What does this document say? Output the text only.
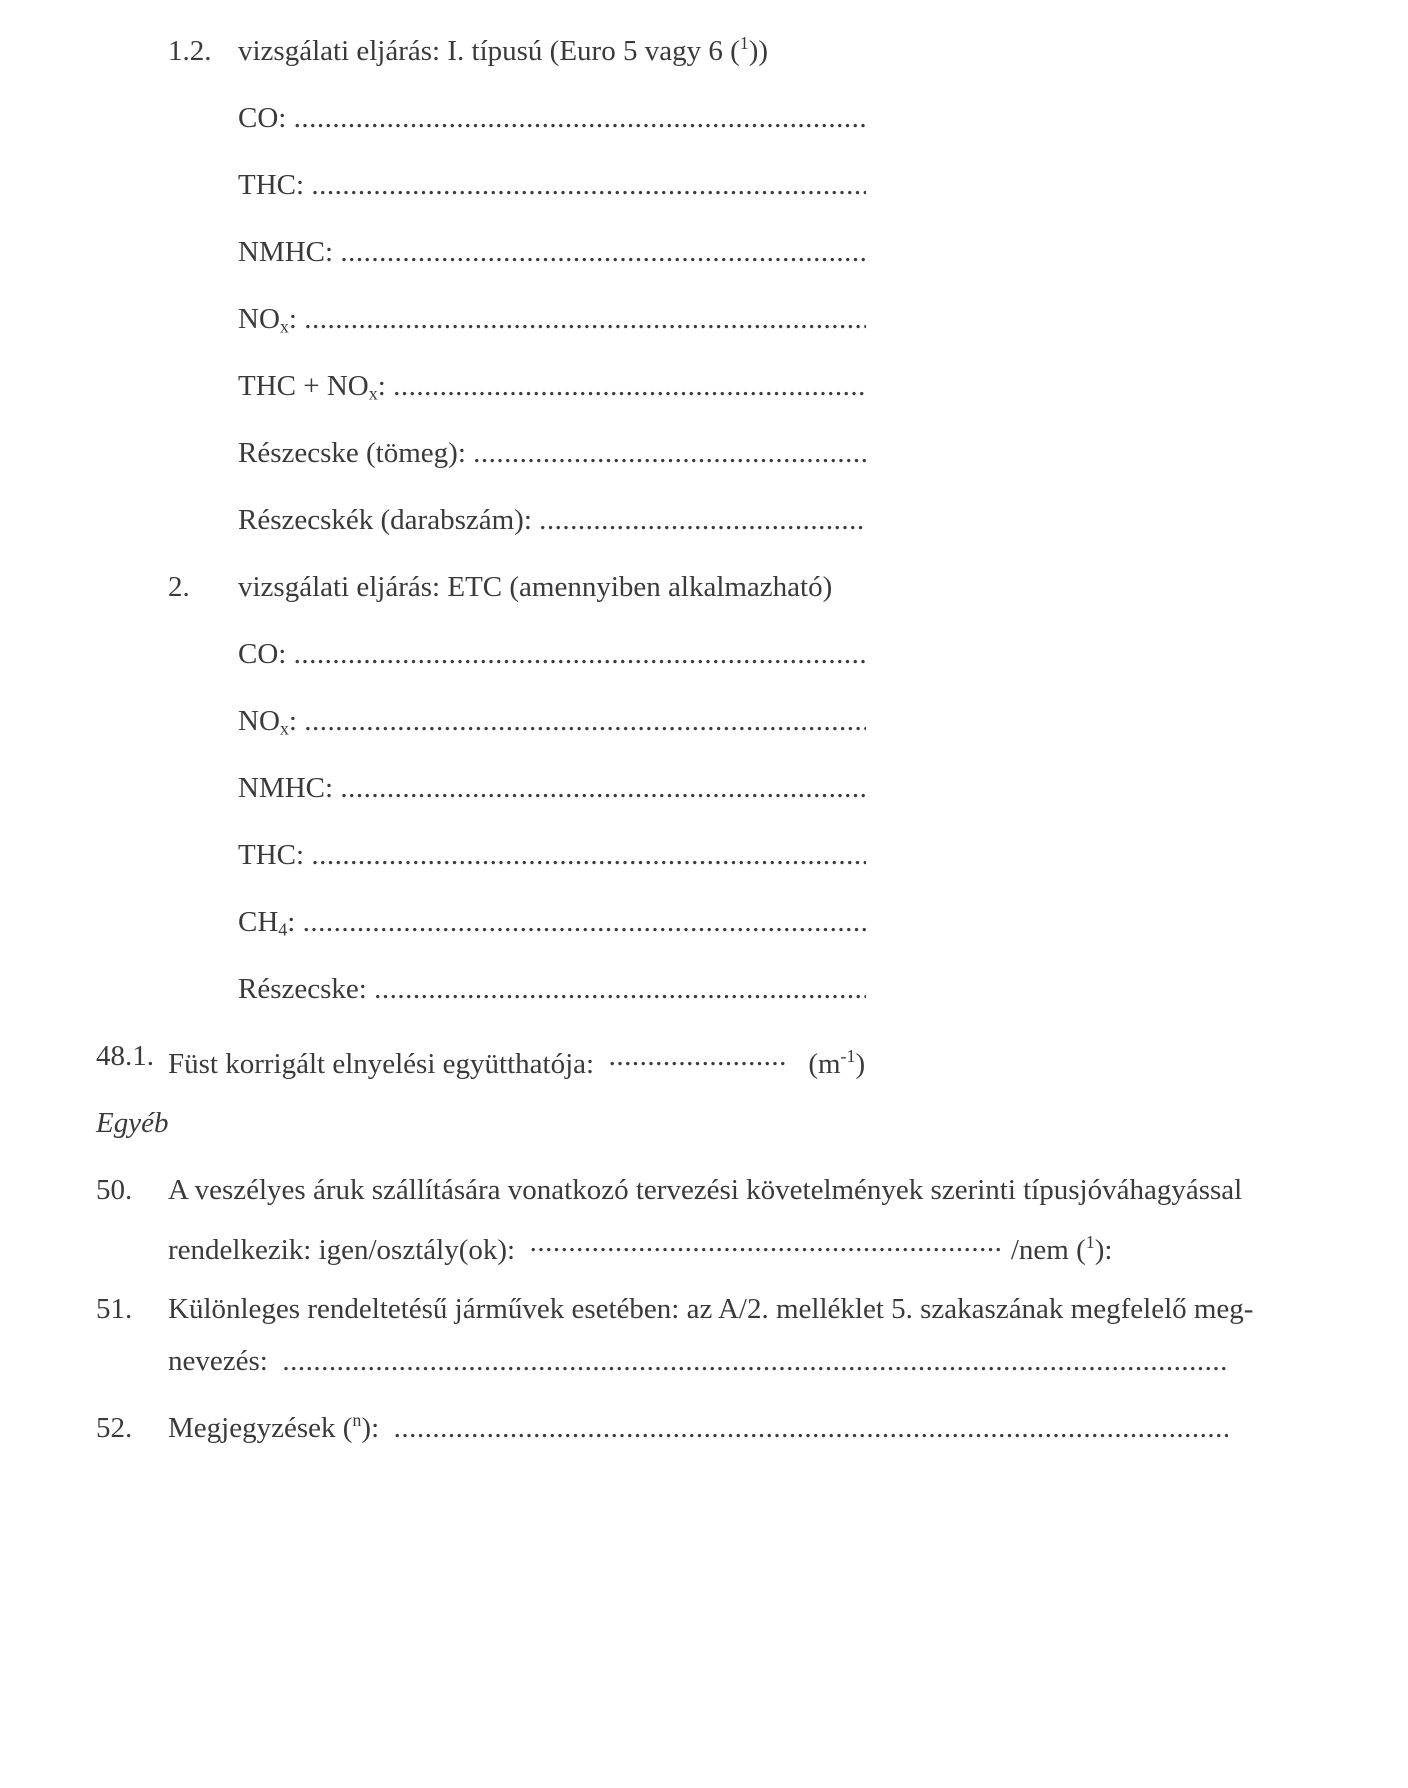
1.2. vizsgálati eljárás: I. típusú (Euro 5 vagy 6 ($^1$))
CO:

.....
THC:

.....
NMHC:

.....
$NO_x$:

.....
THC + $NO_x$:

.....
Részecske (tömeg):

.....
Részecskék (darabszám):

.....
2. vizsgálati eljárás: ETC (amennyiben alkalmazható)
CO:

.....
$NO_x$:

.....
NMHC:

.....
THC:

.....
$CH_4$:

.....
Részecske:

.....
48.1. Füst korrigált elnyelési együtthatója: .....	$(m^{-1})$
Egyéb
50. A veszélyes áruk szállítására vonatkozó tervezési követelmények szerinti típusjóváhagyással
rendelkezik: igen/osztály(ok): .....	/nem ($^1$):
51. Különleges rendeltetésű járművek esetében: az A/2. melléklet 5. szakaszának megfelelő meg-
nevezés:

.....
52. Megjegyzések ($^n$):

.....
